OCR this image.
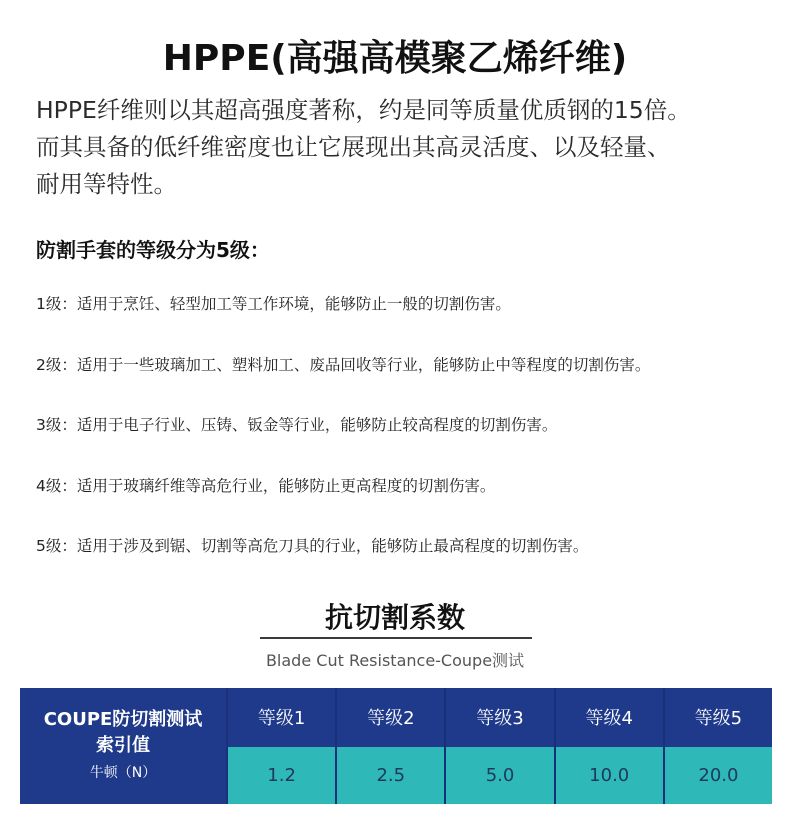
HPPE(高强高模聚乙烯纤维)

HPPE纤维则以其超高强度著称，约是同等质量优质钢的15倍。

而其具备的低纤维密度也让它展现出其高灵活度、以及轻量、

耐用等特性。

防割手套的等级分为5级：
1级：适用于烹饪、轻型加工等工作环境，能够防止一般的切割伤害。
2级：适用于一些玻璃加工、塑料加工、废品回收等行业，能够防止中等程度的切割伤害。
3级：适用于电子行业、压铸、钣金等行业，能够防止较高程度的切割伤害。
4级：适用于玻璃纤维等高危行业，能够防止更高程度的切割伤害。
5级：适用于涉及到锯、切割等高危刀具的行业，能够防止最高程度的切割伤害。
抗切割系数
Blade Cut Resistance-Coupe测试
COUPE防切割测试
索引值
牛顿（N）
等级1
1.2
等级2
2.5
等级3
5.0
等级4
10.0
等级5
20.0
